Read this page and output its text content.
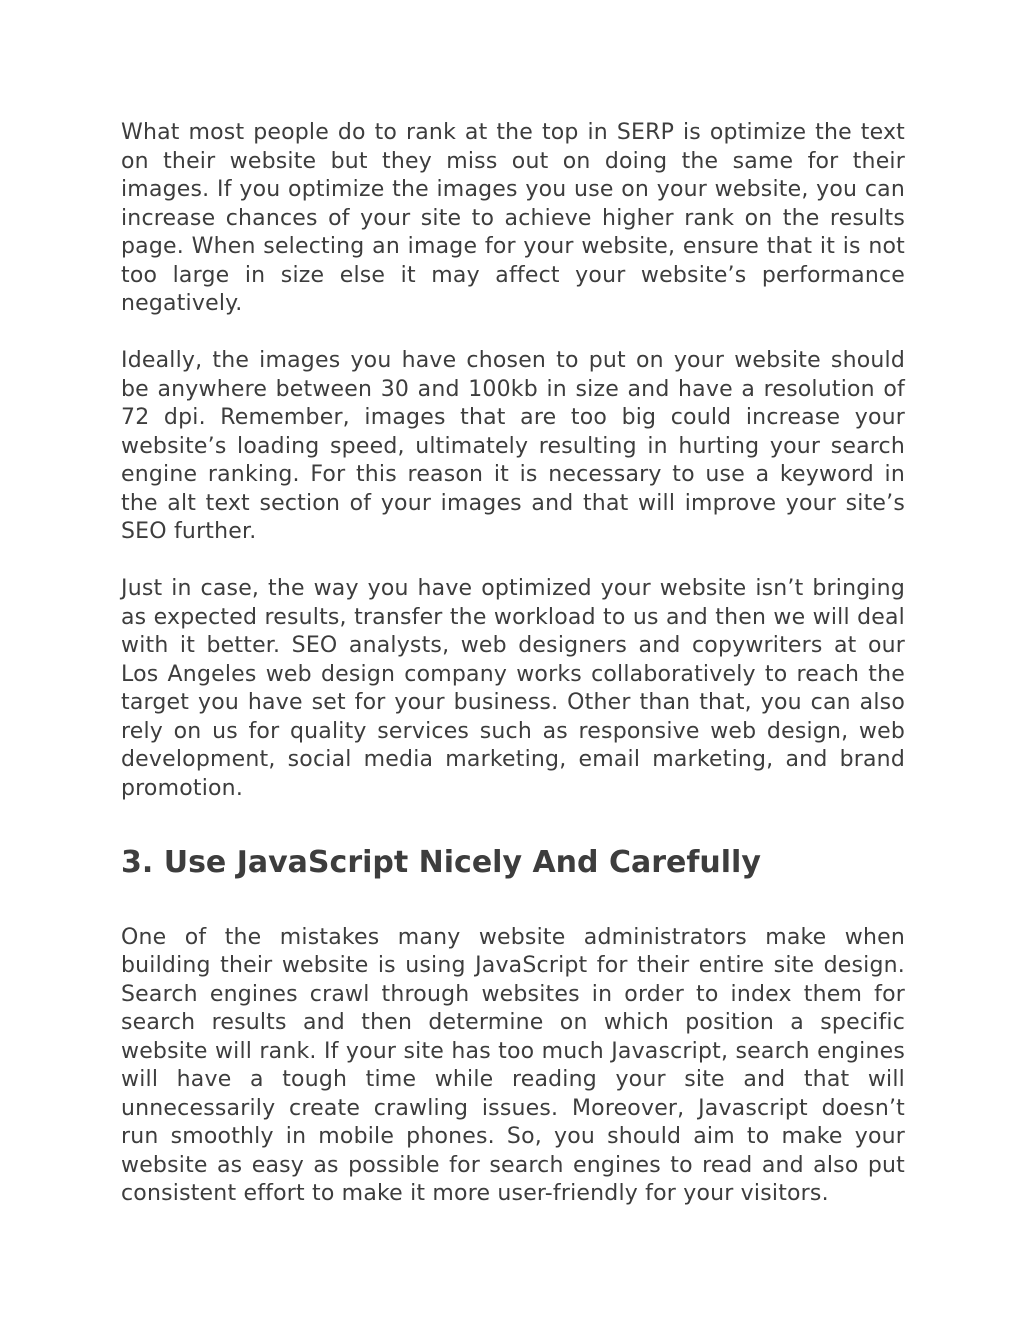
What most people do to rank at the top in SERP is optimize the text on their website but they miss out on doing the same for their images. If you optimize the images you use on your website, you can increase chances of your site to achieve higher rank on the results page. When selecting an image for your website, ensure that it is not too large in size else it may affect your website’s performance negatively.

Ideally, the images you have chosen to put on your website should be anywhere between 30 and 100kb in size and have a resolution of 72 dpi. Remember, images that are too big could increase your website’s loading speed, ultimately resulting in hurting your search engine ranking. For this reason it is necessary to use a keyword in the alt text section of your images and that will improve your site’s SEO further.

Just in case, the way you have optimized your website isn’t bringing as expected results, transfer the workload to us and then we will deal with it better. SEO analysts, web designers and copywriters at our Los Angeles web design company works collaboratively to reach the target you have set for your business. Other than that, you can also rely on us for quality services such as responsive web design, web development, social media marketing, email marketing, and brand promotion.

3. Use JavaScript Nicely And Carefully

One of the mistakes many website administrators make when building their website is using JavaScript for their entire site design. Search engines crawl through websites in order to index them for search results and then determine on which position a specific website will rank. If your site has too much Javascript, search engines will have a tough time while reading your site and that will unnecessarily create crawling issues. Moreover, Javascript doesn’t run smoothly in mobile phones. So, you should aim to make your website as easy as possible for search engines to read and also put consistent effort to make it more user-friendly for your visitors.
